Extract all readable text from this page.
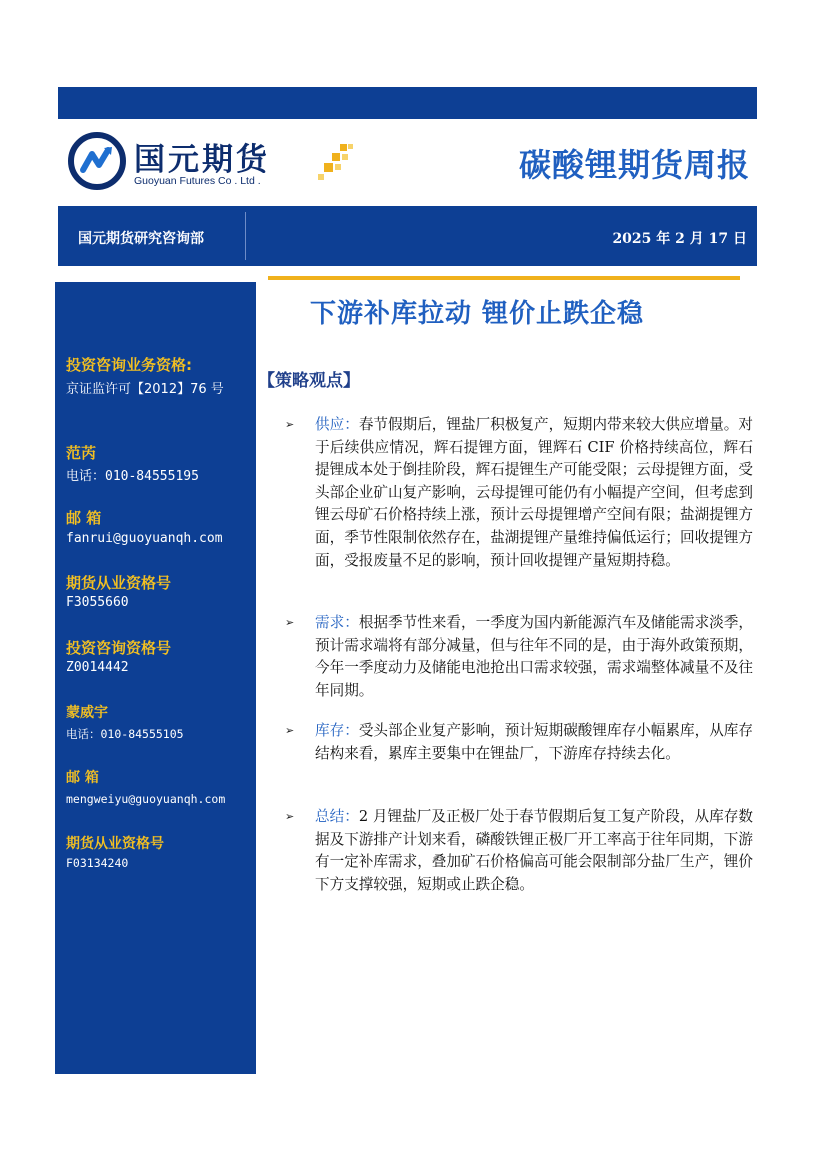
国元期货
Guoyuan Futures Co . Ltd .	碳酸锂期货周报
国元期货研究咨询部	2025 年 2 月 17 日
投资咨询业务资格:
京证监许可【2012】76 号
范芮
电话：010-84555195
邮 箱
fanrui@guoyuanqh.com
期货从业资格号
F3055660
投资咨询资格号
Z0014442
蒙威宇
电话：010-84555105
邮 箱
mengweiyu@guoyuanqh.com
期货从业资格号
F03134240
下游补库拉动 锂价止跌企稳
【策略观点】
➢ 供应：春节假期后，锂盐厂积极复产，短期内带来较大供应增量。对于后续供应情况，辉石提锂方面，锂辉石 CIF 价格持续高位，辉石提锂成本处于倒挂阶段，辉石提锂生产可能受限；云母提锂方面，受头部企业矿山复产影响，云母提锂可能仍有小幅提产空间，但考虑到锂云母矿石价格持续上涨，预计云母提锂增产空间有限；盐湖提锂方面，季节性限制依然存在，盐湖提锂产量维持偏低运行；回收提锂方面，受报废量不足的影响，预计回收提锂产量短期持稳。
➢ 需求：根据季节性来看，一季度为国内新能源汽车及储能需求淡季，预计需求端将有部分减量，但与往年不同的是，由于海外政策预期，今年一季度动力及储能电池抢出口需求较强，需求端整体减量不及往年同期。
➢ 库存：受头部企业复产影响，预计短期碳酸锂库存小幅累库，从库存结构来看，累库主要集中在锂盐厂，下游库存持续去化。
➢ 总结：2 月锂盐厂及正极厂处于春节假期后复工复产阶段，从库存数据及下游排产计划来看，磷酸铁锂正极厂开工率高于往年同期，下游有一定补库需求，叠加矿石价格偏高可能会限制部分盐厂生产，锂价下方支撑较强，短期或止跌企稳。
